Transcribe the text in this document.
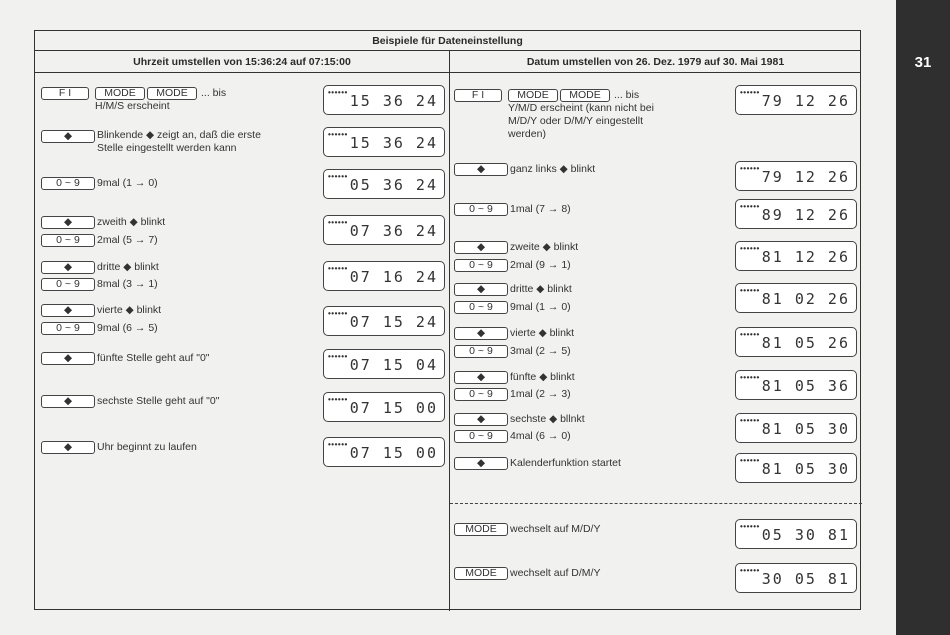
31
Beispiele für Dateneinstellung
Uhrzeit umstellen von 15:36:24 auf 07:15:00	Datum umstellen von 26. Dez. 1979 auf 30. Mai 1981
F I	MODE	MODE	... bis
H/M/S erscheint
•••••• 15 36 24
◆	Blinkende ◆ zeigt an, daß die erste
Stelle eingestellt werden kann
•••••• 15 36 24
0 ~ 9	9mal (1 → 0)
•••••• 05 36 24
◆	zweith ◆ blinkt
0 ~ 9	2mal (5 → 7)
•••••• 07 36 24
◆	dritte ◆ blinkt
0 ~ 9	8mal (3 → 1)
•••••• 07 16 24
◆	vierte ◆ blinkt
0 ~ 9	9mal (6 → 5)
•••••• 07 15 24
◆	fünfte Stelle geht auf "0"	•••••• 07 15 04
◆	sechste Stelle geht auf "0"	•••••• 07 15 00
◆	Uhr beginnt zu laufen	•••••• 07 15 00
F I	MODE	MODE	... bis
Y/M/D erscheint (kann nicht bei
M/D/Y oder D/M/Y eingestellt
werden)
•••••• 79 12 26
◆	ganz links ◆ blinkt	•••••• 79 12 26
0 ~ 9	1mal (7 → 8)	•••••• 89 12 26
◆	zweite ◆ blinkt
0 ~ 9	2mal (9 → 1)
•••••• 81 12 26
◆	dritte ◆ blinkt
0 ~ 9	9mal (1 → 0)
•••••• 81 02 26
◆	vierte ◆ blinkt
0 ~ 9	3mal (2 → 5)
•••••• 81 05 26
◆	fünfte ◆ blinkt
0 ~ 9	1mal (2 → 3)
•••••• 81 05 36
◆	sechste ◆ bllnkt
0 ~ 9	4mal (6 → 0)
•••••• 81 05 30
◆	Kalenderfunktion startet	•••••• 81 05 30
MODE	wechselt auf M/D/Y	•••••• 05 30 81
MODE	wechselt auf D/M/Y	•••••• 30 05 81
